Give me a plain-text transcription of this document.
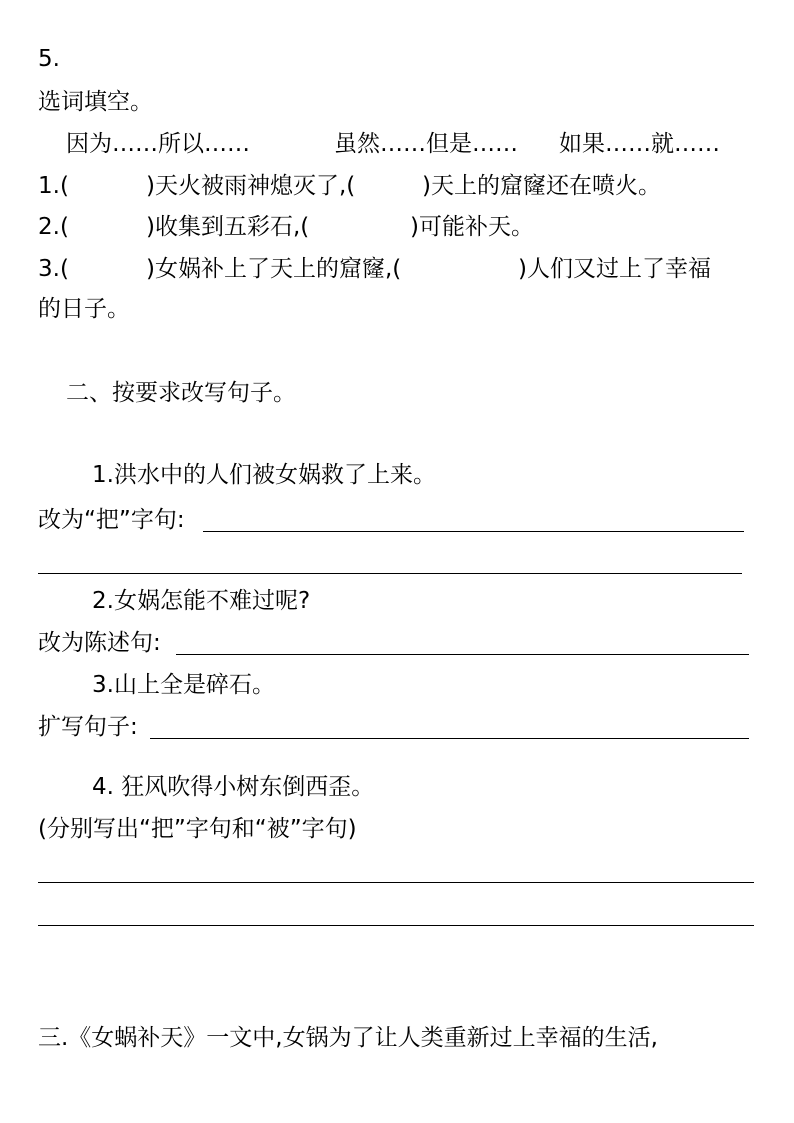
5.
选词填空。
因为……所以……	虽然……但是…… 如果……就……
1.(	)天火被雨神熄灭了,(	)天上的窟窿还在喷火。
2.(	)收集到五彩石,(	)可能补天。
3.(	)女娲补上了天上的窟窿,(	)人们又过上了幸福
的日子。
二、按要求改写句子。
1.洪水中的人们被女娲救了上来。
改为“把”字句:
2.女娲怎能不难过呢?
改为陈述句:
3.山上全是碎石。
扩写句子:
4. 狂风吹得小树东倒西歪。
(分别写出“把”字句和“被”字句)
三.《女蜗补天》一文中,女锅为了让人类重新过上幸福的生活,
